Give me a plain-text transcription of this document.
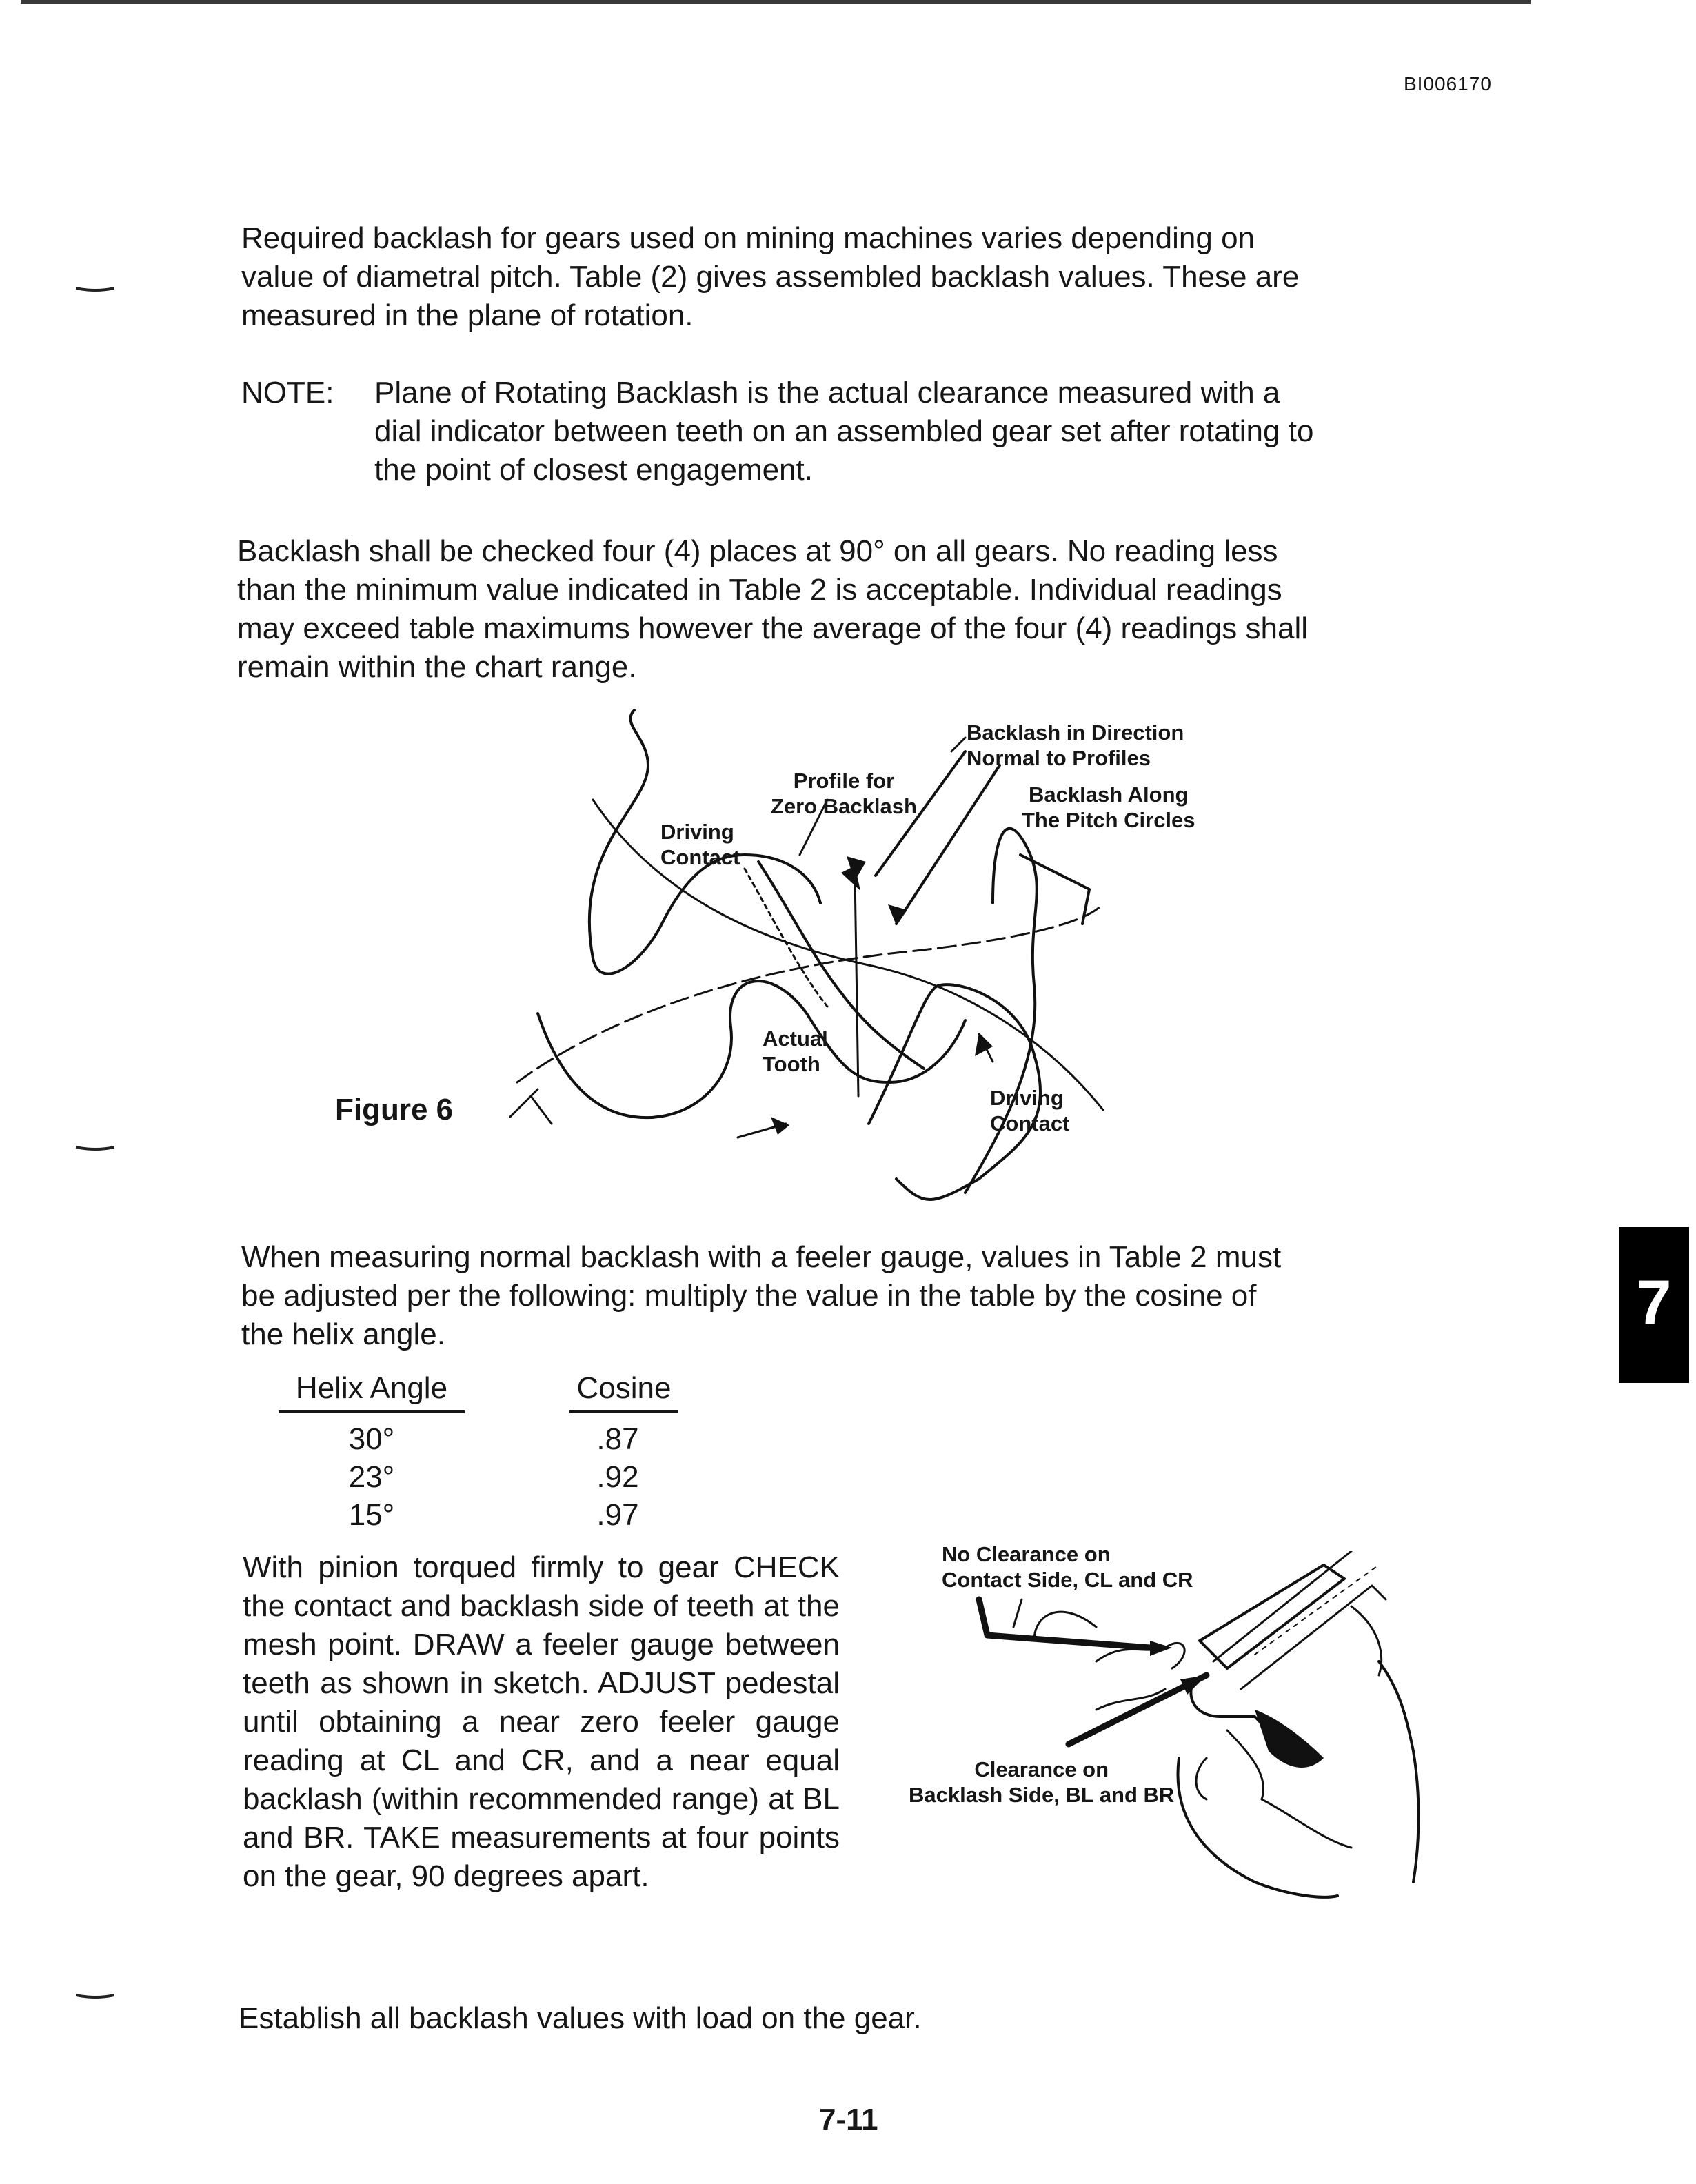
BI006170

Required backlash for gears used on mining machines varies depending on
value of diametral pitch. Table (2) gives assembled backlash values. These are
measured in the plane of rotation.

NOTE: Plane of Rotating Backlash is the actual clearance measured with a
dial indicator between teeth on an assembled gear set after rotating to
the point of closest engagement.

Backlash shall be checked four (4) places at 90° on all gears. No reading less
than the minimum value indicated in Table 2 is acceptable. Individual readings
may exceed table maximums however the average of the four (4) readings shall
remain within the chart range.

Figure 6
Driving
Contact
Profile for
Zero Backlash
Backlash in Direction
Normal to Profiles
Backlash Along
The Pitch Circles
Actual
Tooth
Driving
Contact
7

When measuring normal backlash with a feeler gauge, values in Table 2 must
be adjusted per the following: multiply the value in the table by the cosine of
the helix angle.

Helix Angle	Cosine
30°	.87
23°	.92
15°	.97

With pinion torqued firmly to gear CHECK the contact and backlash side of teeth at the mesh point. DRAW a feeler gauge between teeth as shown in sketch. ADJUST pedestal until obtaining a near zero feeler gauge reading at CL and CR, and a near equal backlash (within recommended range) at BL and BR. TAKE measurements at four points on the gear, 90 degrees apart.

No Clearance on
Contact Side, CL and CR
Clearance on
Backlash Side, BL and BR

Establish all backlash values with load on the gear.

7-11
